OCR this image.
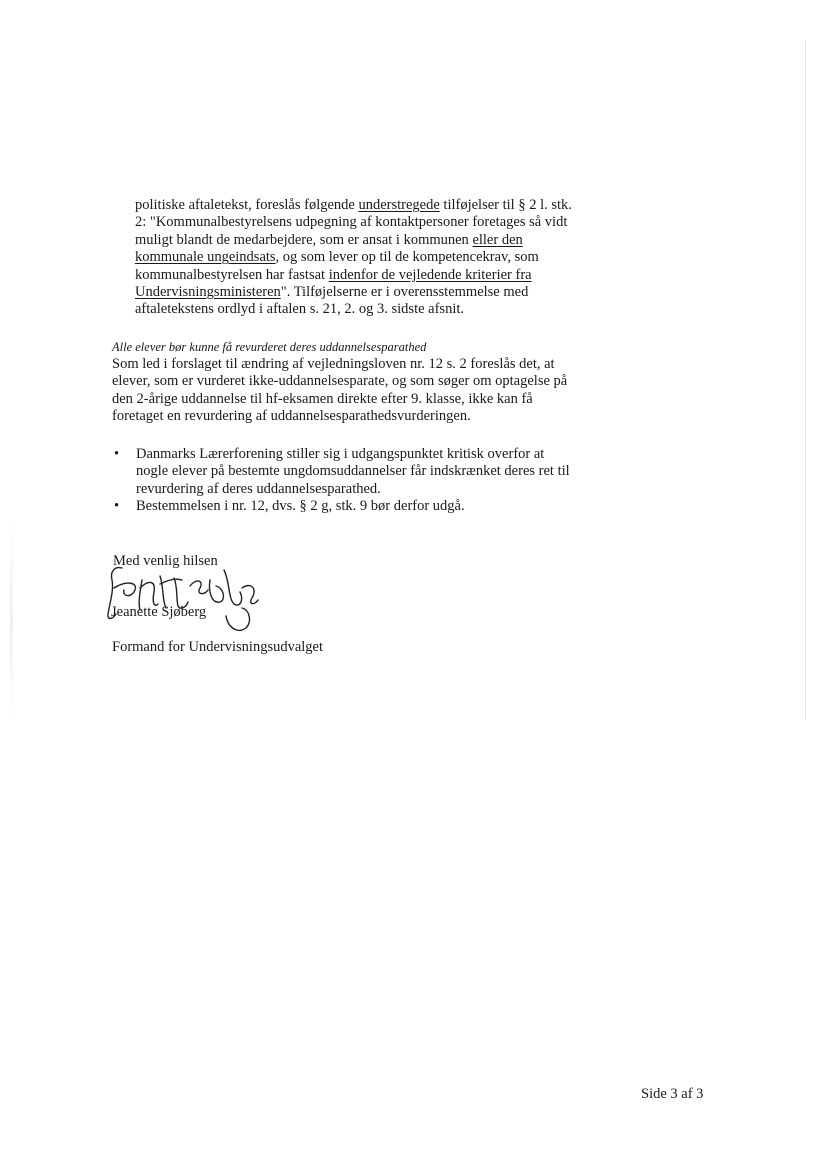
politiske aftaletekst, foreslås følgende understregede tilføjelser til § 2 l. stk.

2: "Kommunalbestyrelsens udpegning af kontaktpersoner foretages så vidt

muligt blandt de medarbejdere, som er ansat i kommunen eller den

kommunale ungeindsats, og som lever op til de kompetencekrav, som

kommunalbestyrelsen har fastsat indenfor de vejledende kriterier fra

Undervisningsministeren". Tilføjelserne er i overensstemmelse med

aftaletekstens ordlyd i aftalen s. 21, 2. og 3. sidste afsnit.

Alle elever bør kunne få revurderet deres uddannelsesparathed

Som led i forslaget til ændring af vejledningsloven nr. 12 s. 2 foreslås det, at

elever, som er vurderet ikke-uddannelsesparate, og som søger om optagelse på

den 2-årige uddannelse til hf-eksamen direkte efter 9. klasse, ikke kan få

foretaget en revurdering af uddannelsesparathedsvurderingen.

• Danmarks Lærerforening stiller sig i udgangspunktet kritisk overfor at

nogle elever på bestemte ungdomsuddannelser får indskrænket deres ret til

revurdering af deres uddannelsesparathed.

• Bestemmelsen i nr. 12, dvs. § 2 g, stk. 9 bør derfor udgå.

Med venlig hilsen

Jeanette Sjøberg

Formand for Undervisningsudvalget

Side 3 af 3
